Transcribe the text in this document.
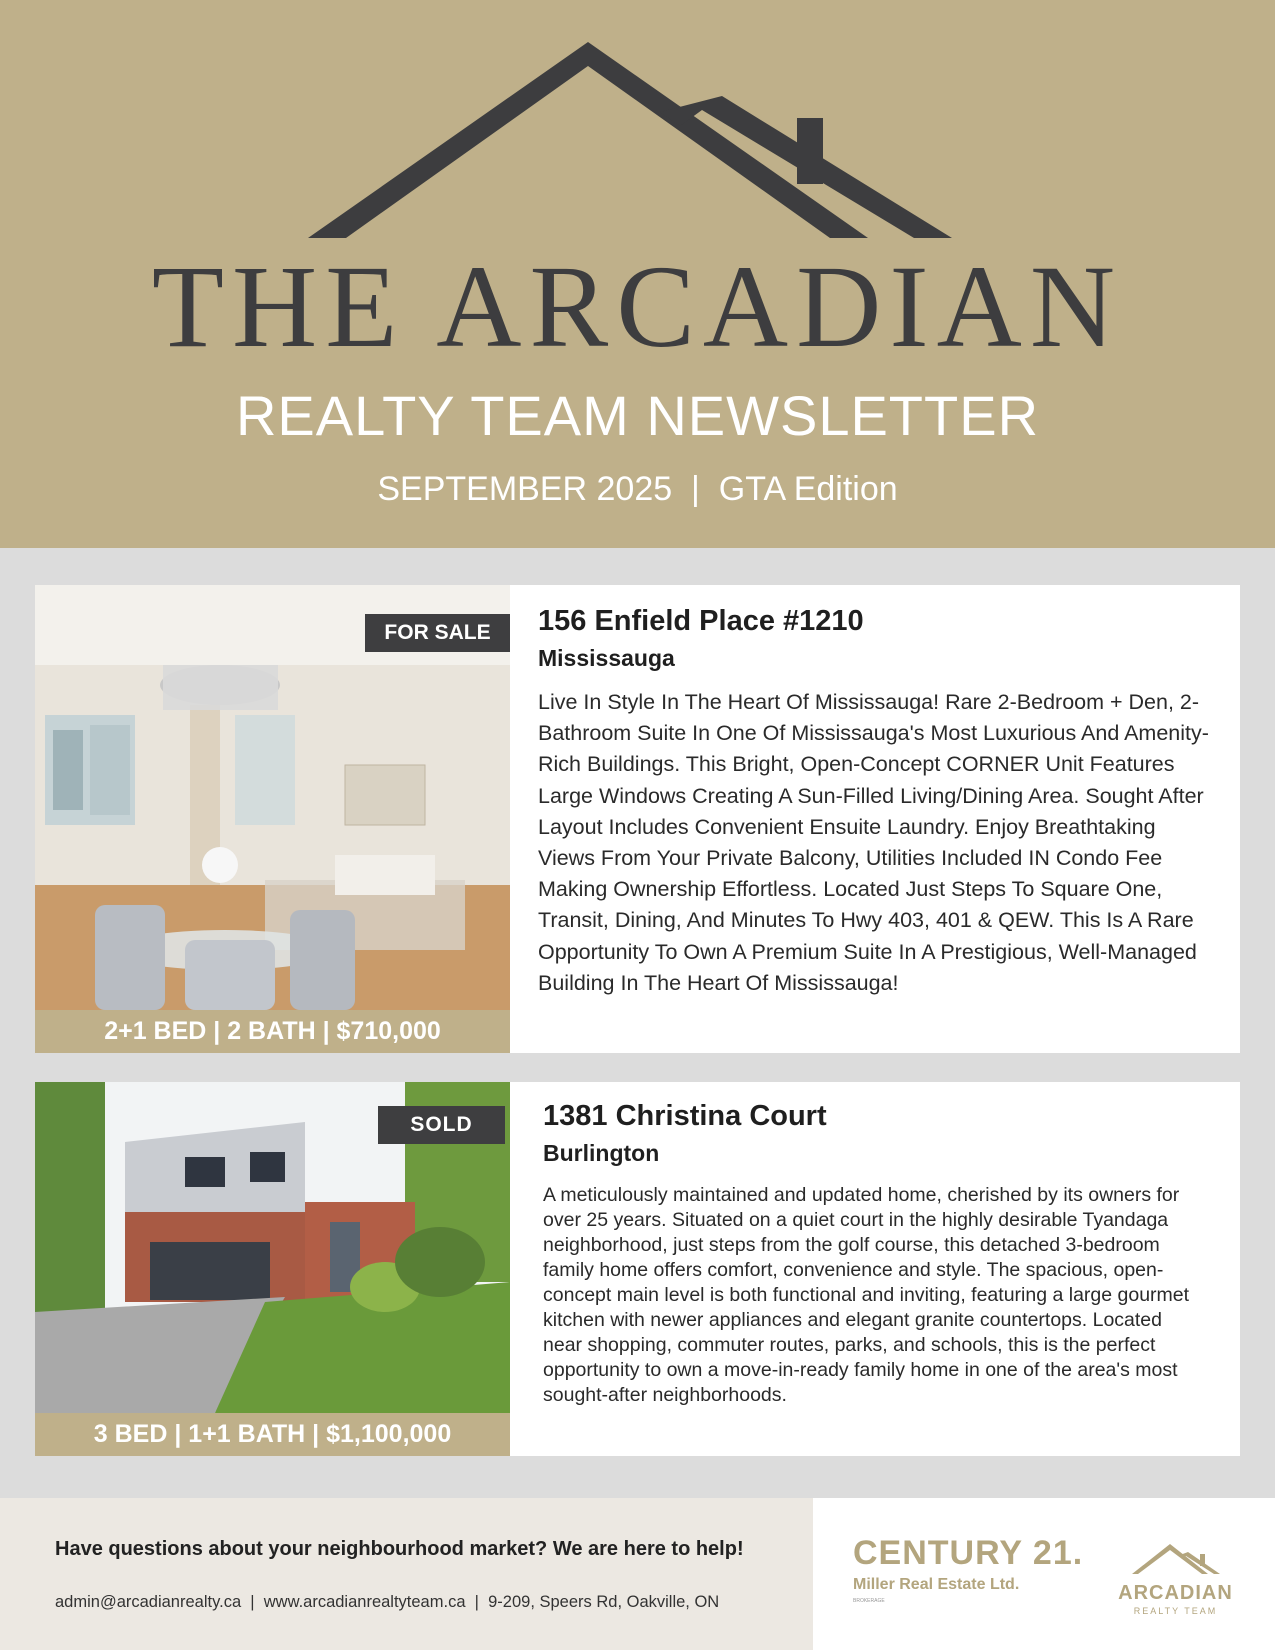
THE ARCADIAN
REALTY TEAM NEWSLETTER
SEPTEMBER 2025  |  GTA Edition
FOR SALE
2+1 BED | 2 BATH | $710,000
156 Enfield Place #1210
Mississauga
Live In Style In The Heart Of Mississauga! Rare 2-Bedroom + Den, 2-Bathroom Suite In One Of Mississauga's Most Luxurious And Amenity-Rich Buildings. This Bright, Open-Concept CORNER Unit Features Large Windows Creating A Sun-Filled Living/Dining Area. Sought After Layout Includes Convenient Ensuite Laundry. Enjoy Breathtaking Views From Your Private Balcony, Utilities Included IN Condo Fee Making Ownership Effortless. Located Just Steps To Square One, Transit, Dining, And Minutes To Hwy 403, 401 & QEW. This Is A Rare Opportunity To Own A Premium Suite In A Prestigious, Well-Managed Building In The Heart Of Mississauga!
SOLD
3 BED | 1+1 BATH | $1,100,000
1381 Christina Court
Burlington
A meticulously maintained and updated home, cherished by its owners for over 25 years. Situated on a quiet court in the highly desirable Tyandaga neighborhood, just steps from the golf course, this detached 3-bedroom family home offers comfort, convenience and style. The spacious, open-concept main level is both functional and inviting, featuring a large gourmet kitchen with newer appliances and elegant granite countertops. Located near shopping, commuter routes, parks, and schools, this is the perfect opportunity to own a move-in-ready family home in one of the area's most sought-after neighborhoods.
Have questions about your neighbourhood market? We are here to help!
admin@arcadianrealty.ca  |  www.arcadianrealtyteam.ca  |  9-209, Speers Rd, Oakville, ON
CENTURY 21.
Miller Real Estate Ltd.
BROKERAGE	ARCADIAN
REALTY TEAM
